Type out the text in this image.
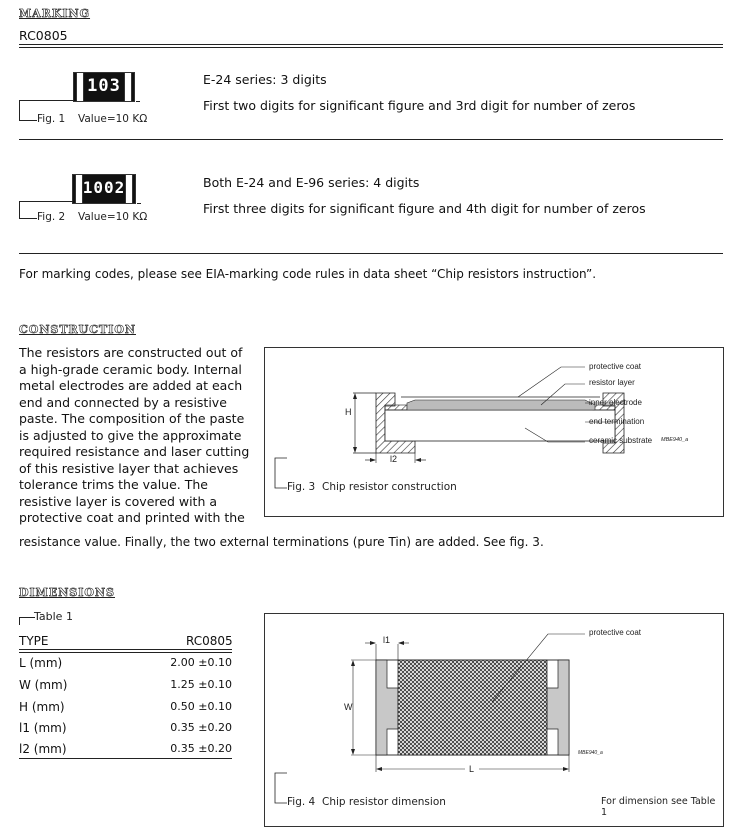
MARKING
RC0805
103
Fig. 1 Value=10 KΩ
E-24 series: 3 digits
First two digits for significant figure and 3rd digit for number of zeros
1002
Fig. 2 Value=10 KΩ
Both E-24 and E-96 series: 4 digits
First three digits for significant figure and 4th digit for number of zeros
For marking codes, please see EIA-marking code rules in data sheet “Chip resistors instruction”.
CONSTRUCTION
The resistors are constructed out of
a high-grade ceramic body. Internal
metal electrodes are added at each
end and connected by a resistive
paste. The composition of the paste
is adjusted to give the approximate
required resistance and laser cutting
of this resistive layer that achieves
tolerance trims the value. The
resistive layer is covered with a
protective coat and printed with the
resistance value. Finally, the two external terminations (pure Tin) are added. See fig. 3.
protective coat
resistor layer
inner electrode
end termination
ceramic substrate MBE940_a
H
l2
Fig. 3 Chip resistor construction
DIMENSIONS
Table 1
TYPE	RC0805
L (mm)	2.00 ±0.10
W (mm)	1.25 ±0.10
H (mm)	0.50 ±0.10
l1 (mm)	0.35 ±0.20
l2 (mm)	0.35 ±0.20
protective coat
MBE940_a
W
L
l1
Fig. 4 Chip resistor dimension	For dimension see Table 1
